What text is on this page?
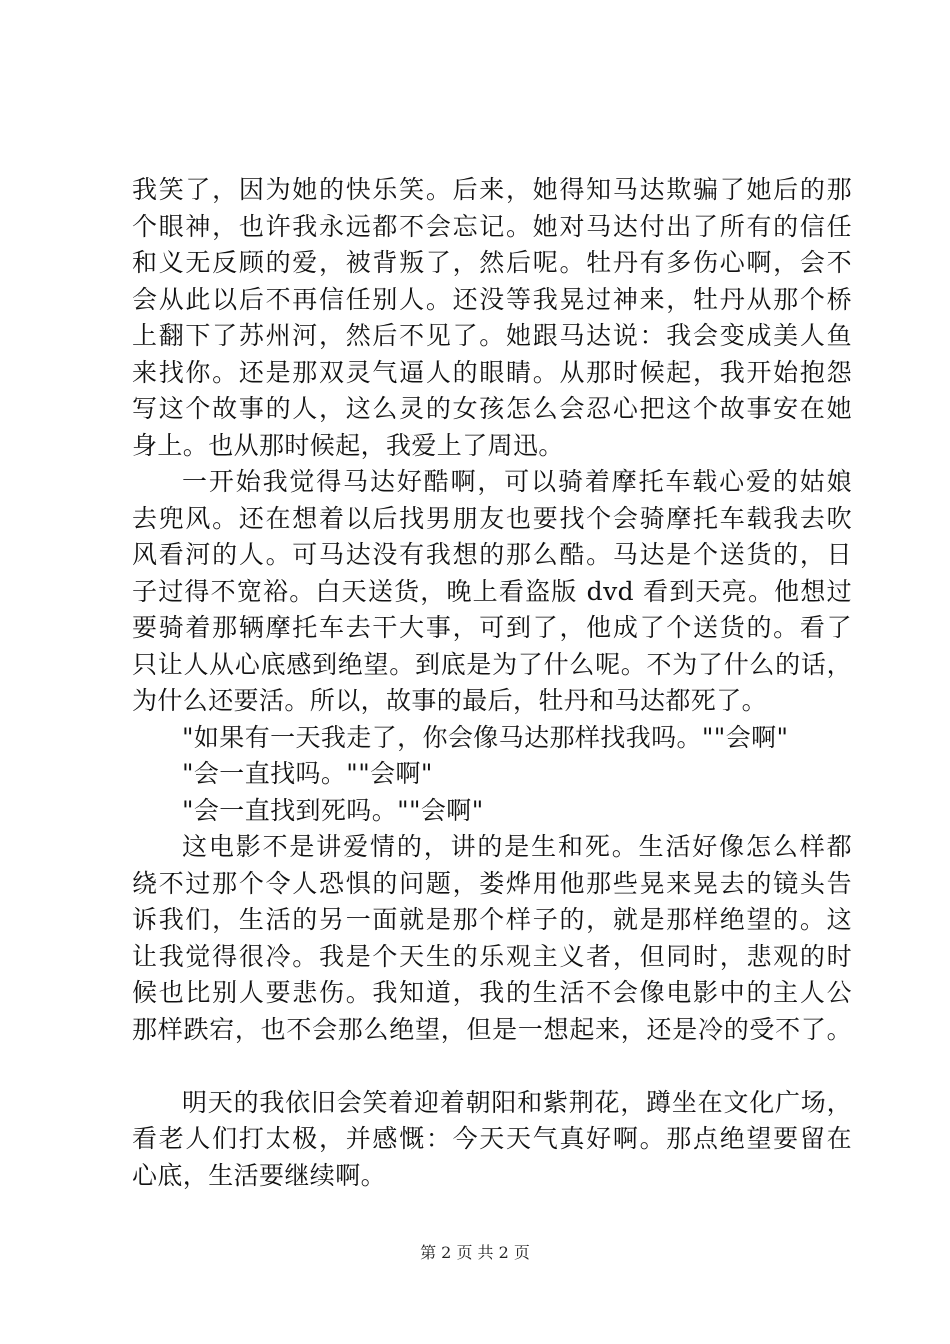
我笑了，因为她的快乐笑。后来，她得知马达欺骗了她后的那
个眼神，也许我永远都不会忘记。她对马达付出了所有的信任
和义无反顾的爱，被背叛了，然后呢。牡丹有多伤心啊，会不
会从此以后不再信任别人。还没等我晃过神来，牡丹从那个桥
上翻下了苏州河，然后不见了。她跟马达说：我会变成美人鱼
来找你。还是那双灵气逼人的眼睛。从那时候起，我开始抱怨
写这个故事的人，这么灵的女孩怎么会忍心把这个故事安在她
身上。也从那时候起，我爱上了周迅。
一开始我觉得马达好酷啊，可以骑着摩托车载心爱的姑娘
去兜风。还在想着以后找男朋友也要找个会骑摩托车载我去吹
风看河的人。可马达没有我想的那么酷。马达是个送货的，日
子过得不宽裕。白天送货，晚上看盗版 dvd 看到天亮。他想过
要骑着那辆摩托车去干大事，可到了，他成了个送货的。看了
只让人从心底感到绝望。到底是为了什么呢。不为了什么的话，
为什么还要活。所以，故事的最后，牡丹和马达都死了。
"如果有一天我走了，你会像马达那样找我吗。""会啊"
"会一直找吗。""会啊"
"会一直找到死吗。""会啊"
这电影不是讲爱情的，讲的是生和死。生活好像怎么样都
绕不过那个令人恐惧的问题，娄烨用他那些晃来晃去的镜头告
诉我们，生活的另一面就是那个样子的，就是那样绝望的。这
让我觉得很冷。我是个天生的乐观主义者，但同时，悲观的时
候也比别人要悲伤。我知道，我的生活不会像电影中的主人公
那样跌宕，也不会那么绝望，但是一想起来，还是冷的受不了。
明天的我依旧会笑着迎着朝阳和紫荆花，蹲坐在文化广场，
看老人们打太极，并感慨：今天天气真好啊。那点绝望要留在
心底，生活要继续啊。
第 2 页 共 2 页
